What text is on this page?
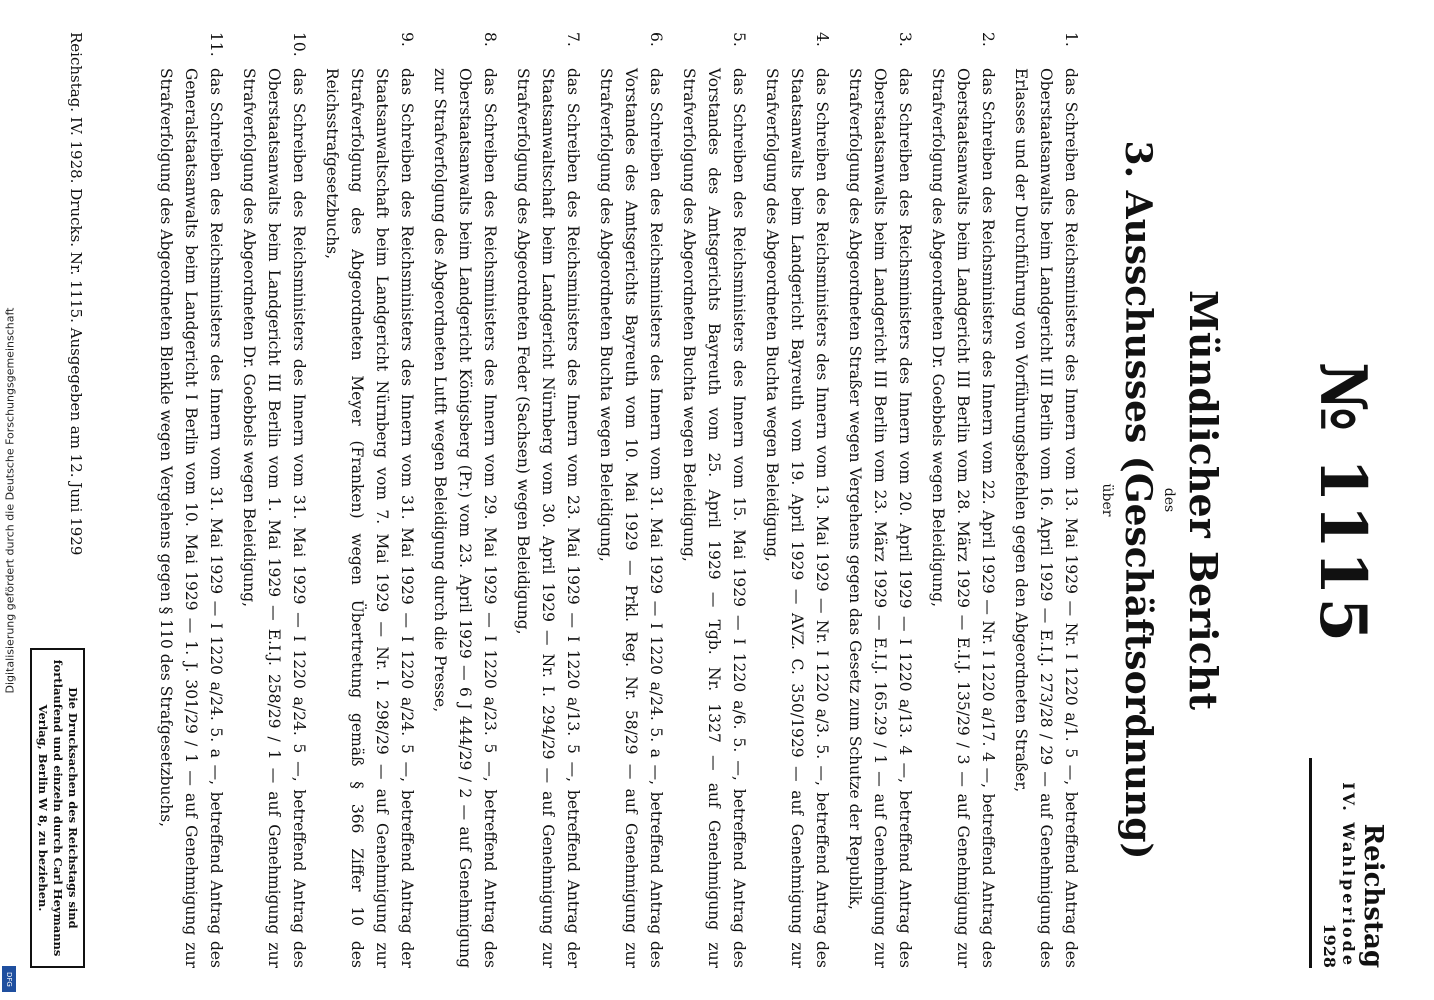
Digitalisierung gefördert durch die Deutsche Forschungsgemeinschaft
DFG
№ 1115
Reichstag
IV. Wahlperiode
1928
Mündlicher Bericht
des
3. Ausschusses (Geschäftsordnung)
über
1.
das Schreiben des Reichsministers des Innern vom 13. Mai 1929 — Nr. I 1220 a/1. 5 —, betreffend Antrag des Oberstaatsanwalts beim Landgericht III Berlin vom 16. April 1929 — E.I.J. 273/28 / 29 — auf Genehmigung des Erlasses und der Durchführung von Vorführungsbefehlen gegen den Abgeordneten Straßer,
2.
das Schreiben des Reichsministers des Innern vom 22. April 1929 — Nr. I 1220 a/17. 4 —, betreffend Antrag des Oberstaatsanwalts beim Landgericht III Berlin vom 28. März 1929 — E.I.J. 135/29 / 3 — auf Genehmigung zur Strafverfolgung des Abgeordneten Dr. Goebbels wegen Beleidigung,
3.
das Schreiben des Reichsministers des Innern vom 20. April 1929 — I 1220 a/13. 4 —, betreffend Antrag des Oberstaatsanwalts beim Landgericht III Berlin vom 23. März 1929 — E.I.J. 165.29 / 1 — auf Genehmigung zur Strafverfolgung des Abgeordneten Straßer wegen Vergehens gegen das Gesetz zum Schutze der Republik,
4.
das Schreiben des Reichsministers des Innern vom 13. Mai 1929 — Nr. I 1220 a/3. 5. —, betreffend Antrag des Staatsanwalts beim Landgericht Bayreuth vom 19. April 1929 — AVZ. C. 350/1929 — auf Genehmigung zur Strafverfolgung des Abgeordneten Buchta wegen Beleidigung,
5.
das Schreiben des Reichsministers des Innern vom 15. Mai 1929 — I 1220 a/6. 5. —, betreffend Antrag des Vorstandes des Amtsgerichts Bayreuth vom 25. April 1929 — Tgb. Nr. 1327 — auf Genehmigung zur Strafverfolgung des Abgeordneten Buchta wegen Beleidigung,
6.
das Schreiben des Reichsministers des Innern vom 31. Mai 1929 — I 1220 a/24. 5. a —, betreffend Antrag des Vorstandes des Amtsgerichts Bayreuth vom 10. Mai 1929 — Prkl. Reg. Nr. 58/29 — auf Genehmigung zur Strafverfolgung des Abgeordneten Buchta wegen Beleidigung,
7.
das Schreiben des Reichsministers des Innern vom 23. Mai 1929 — I 1220 a/13. 5 —, betreffend Antrag der Staatsanwaltschaft beim Landgericht Nürnberg vom 30. April 1929 — Nr. I. 294/29 — auf Genehmigung zur Strafverfolgung des Abgeordneten Feder (Sachsen) wegen Beleidigung,
8.
das Schreiben des Reichsministers des Innern vom 29. Mai 1929 — I 1220 a/23. 5 —, betreffend Antrag des Oberstaatsanwalts beim Landgericht Königsberg (Pr.) vom 23. April 1929 — 6 J 444/29 / 2 — auf Genehmigung zur Strafverfolgung des Abgeordneten Lutft wegen Beleidigung durch die Presse,
9.
das Schreiben des Reichsministers des Innern vom 31. Mai 1929 — I 1220 a/24. 5 —, betreffend Antrag der Staatsanwaltschaft beim Landgericht Nürnberg vom 7. Mai 1929 — Nr. I. 298/29 — auf Genehmigung zur Strafverfolgung des Abgeordneten Meyer (Franken) wegen Übertretung gemäß § 366 Ziffer 10 des Reichsstrafgesetzbuchs,
10.
das Schreiben des Reichsministers des Innern vom 31. Mai 1929 — I 1220 a/24. 5 —, betreffend Antrag des Oberstaatsanwalts beim Landgericht III Berlin vom 1. Mai 1929 — E.I.J. 258/29 / 1 — auf Genehmigung zur Strafverfolgung des Abgeordneten Dr. Goebbels wegen Beleidigung,
11.
das Schreiben des Reichsministers des Innern vom 31. Mai 1929 — I 1220 a/24. 5. a —, betreffend Antrag des Generalstaatsanwalts beim Landgericht I Berlin vom 10. Mai 1929 — 1. J. 301/29 / 1 — auf Genehmigung zur Strafverfolgung des Abgeordneten Blenkle wegen Vergehens gegen § 110 des Strafgesetzbuchs,
Reichstag. IV. 1928. Drucks. Nr. 1115. Ausgegeben am 12. Juni 1929
Die Drucksachen des Reichstags sind fortlaufend und einzeln durch Carl Heymanns Verlag, Berlin W 8, zu beziehen.
